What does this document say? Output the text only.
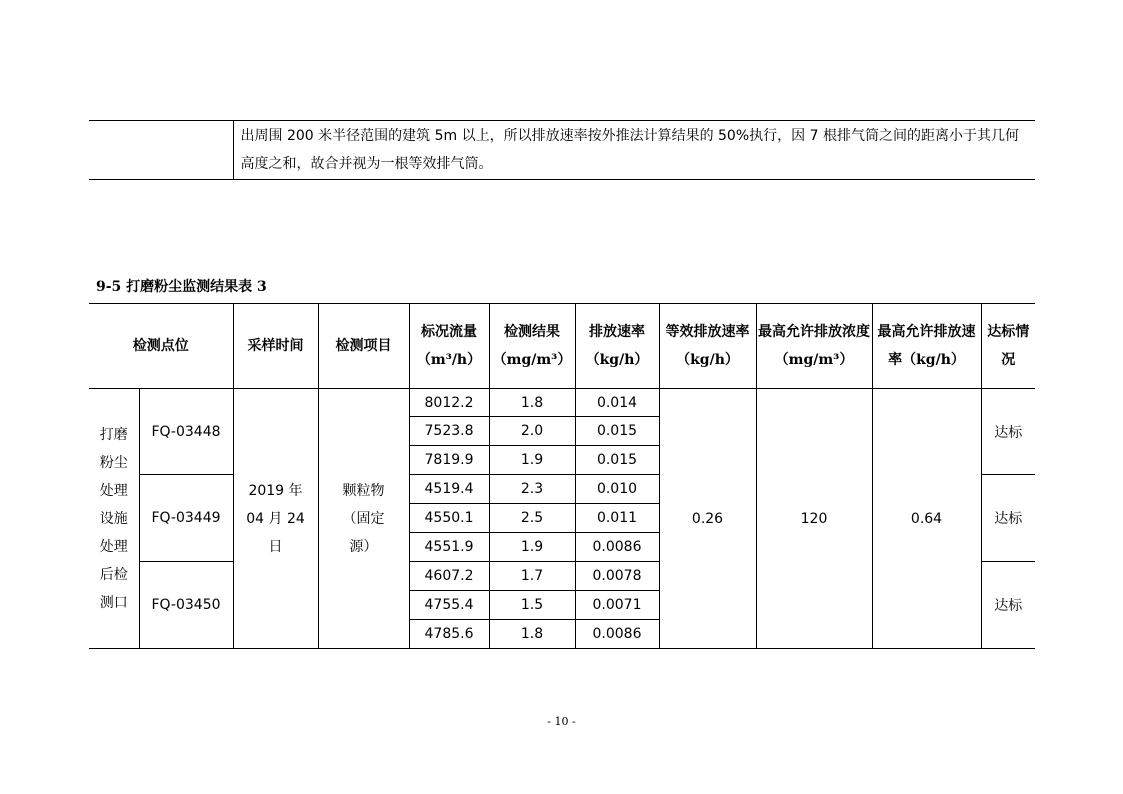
	出周围 200 米半径范围的建筑 5m 以上，所以排放速率按外推法计算结果的 50%执行，因 7 根排气筒之间的距离小于其几何高度之和，故合并视为一根等效排气筒。
9-5 打磨粉尘监测结果表 3
检测点位		采样时间	检测项目	标况流量（m³/h）	检测结果（mg/m³）	排放速率（kg/h）	等效排放速率（kg/h）	最高允许排放浓度（mg/m³）	最高允许排放速率（kg/h）	达标情况
打磨粉尘处理设施处理后检测口	FQ-03448	2019 年 04 月 24 日	颗粒物（固定源）	8012.2	1.8	0.014	0.26	120	0.64	达标
				7523.8	2.0	0.015				
				7819.9	1.9	0.015				
	FQ-03449			4519.4	2.3	0.010				达标
				4550.1	2.5	0.011				
				4551.9	1.9	0.0086				
	FQ-03450			4607.2	1.7	0.0078				达标
				4755.4	1.5	0.0071				
				4785.6	1.8	0.0086				
- 10 -
